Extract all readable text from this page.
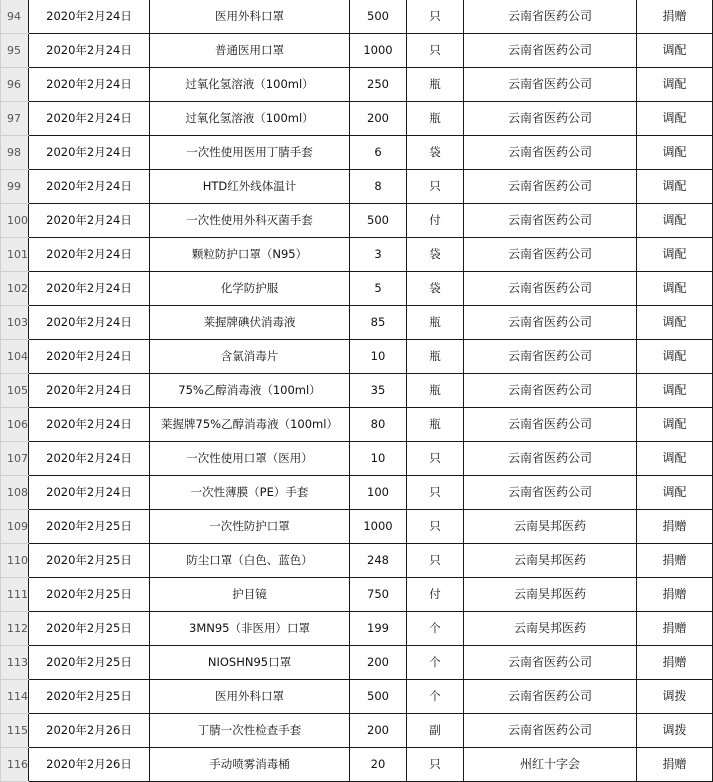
94	2020年2月24日	医用外科口罩	500	只	云南省医药公司	捐赠
95	2020年2月24日	普通医用口罩	1000	只	云南省医药公司	调配
96	2020年2月24日	过氧化氢溶液（100ml）	250	瓶	云南省医药公司	调配
97	2020年2月24日	过氧化氢溶液（100ml）	200	瓶	云南省医药公司	调配
98	2020年2月24日	一次性使用医用丁腈手套	6	袋	云南省医药公司	调配
99	2020年2月24日	HTD红外线体温计	8	只	云南省医药公司	调配
100	2020年2月24日	一次性使用外科灭菌手套	500	付	云南省医药公司	调配
101	2020年2月24日	颗粒防护口罩（N95）	3	袋	云南省医药公司	调配
102	2020年2月24日	化学防护服	5	袋	云南省医药公司	调配
103	2020年2月24日	莱握牌碘伏消毒液	85	瓶	云南省医药公司	调配
104	2020年2月24日	含氯消毒片	10	瓶	云南省医药公司	调配
105	2020年2月24日	75%乙醇消毒液（100ml）	35	瓶	云南省医药公司	调配
106	2020年2月24日	莱握牌75%乙醇消毒液（100ml）	80	瓶	云南省医药公司	调配
107	2020年2月24日	一次性使用口罩（医用）	10	只	云南省医药公司	调配
108	2020年2月24日	一次性薄膜（PE）手套	100	只	云南省医药公司	调配
109	2020年2月25日	一次性防护口罩	1000	只	云南昊邦医药	捐赠
110	2020年2月25日	防尘口罩（白色、蓝色）	248	只	云南昊邦医药	捐赠
111	2020年2月25日	护目镜	750	付	云南昊邦医药	捐赠
112	2020年2月25日	3MN95（非医用）口罩	199	个	云南昊邦医药	捐赠
113	2020年2月25日	NIOSHN95口罩	200	个	云南省医药公司	捐赠
114	2020年2月25日	医用外科口罩	500	个	云南省医药公司	调拨
115	2020年2月26日	丁腈一次性检查手套	200	副	云南省医药公司	调拨
116	2020年2月26日	手动喷雾消毒桶	20	只	州红十字会	捐赠
